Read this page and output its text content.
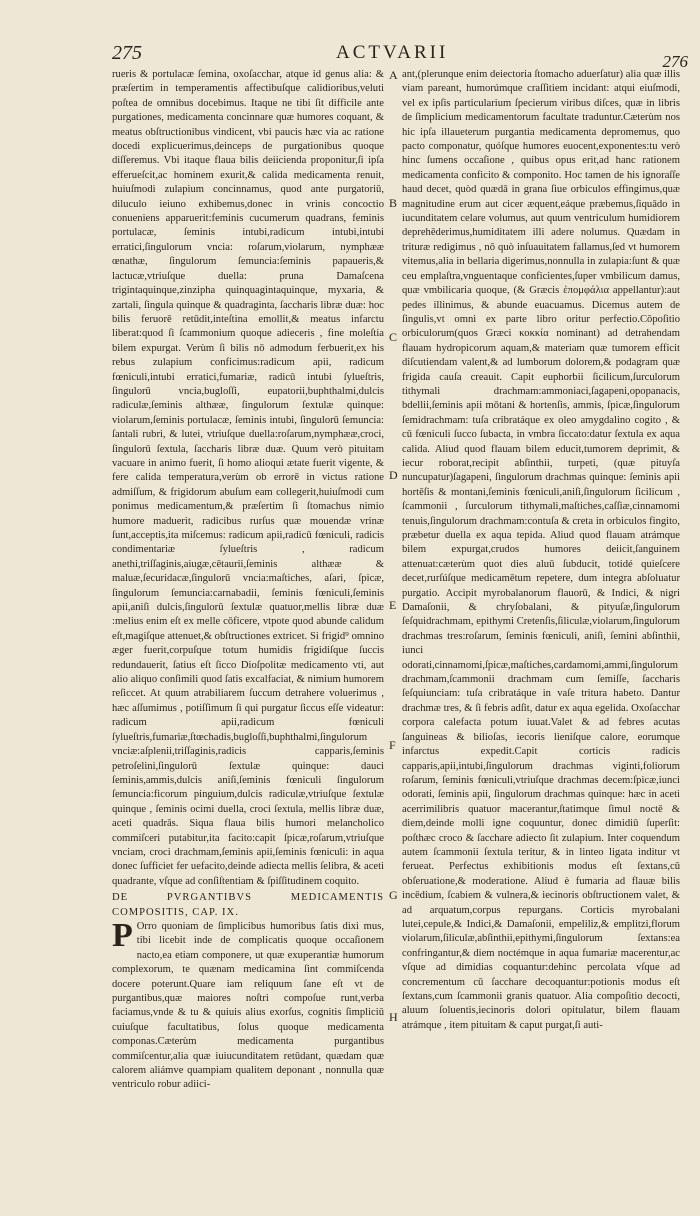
275	ACTVARII	276

rueris & portulacæ ſemina, oxoſacchar, atque id genus alia: & præſertim in temperamentis affectibuſque calidioribus,veluti poſtea de omnibus docebimus. Itaque ne tibi ſit difficile ante purgationes, medicamenta concinnare quæ humores coquant, & meatus obſtructionibus vindicent, vbi paucis hæc via ac ratione docedi explicuerimus,deinceps de purgationibus quoque diſſeremus. Vbi itaque flaua bilis deiicienda proponitur,ſi ipſa efferueſcit,ac hominem exurit,& calida medicamenta renuit, huiuſmodi zulapium concinnamus, quod ante purgatoriū, diluculo ieiuno exhibemus,donec in vrinis concoctio conueniens apparuerit:feminis cucumerum quadrans, feminis portulacæ, ſeminis intubi,radicum intubi,intubi erratici,ſingulorum vncia: roſarum,violarum, nymphææ œnathæ, ſingulorum ſemuncia:ſeminis papaueris,& lactucæ,vtriuſque duella: pruna Damaſcena trigintaquinque,zinzipha quinquagintaquinque, myxaria, & zartali, ſingula quinque & quadraginta, ſaccharis libræ duæ: hoc bilis feruorē retūdit,inteſtina emollit,& meatus infarctu liberat:quod ſi ſcammonium quoque adieceris , fine moleſtia bilem expurgat. Verùm ſi bilis nō admodum ferbuerit,ex his rebus zulapium conficimus:radicum apii, radicum fœniculi,intubi erratici,fumariæ, radicū intubi ſylueſtris, ſingulorū vncia,bugloſſi, eupatorii,buphthalmi,dulcis radiculæ,ſeminis althææ, ſingulorum ſextulæ quinque: violarum,ſeminis portulacæ, ſeminis intubi, ſingulorū ſemuncia: ſantali rubri, & lutei, vtriuſque duella:roſarum,nymphææ,croci, ſingulorū ſextula, ſaccharis libræ duæ. Quum verò pituitam vacuare in animo fuerit, ſi homo alioqui ætate fuerit vigente, & fere calida temperatura,verùm ob errorē in victus ratione admiſſum, & frigidorum abuſum eam collegerit,huiuſmodi cum ponimus medicamentum,& præſertim ſi ſtomachus nimio humore maduerit, radicibus rurſus quæ mouendæ vrinæ ſunt,acceptis,ita miſcemus: radicum apii,radicū fœniculi, radicis condimentariæ ſylueſtris , radicum anethi,triſſaginis,aiugæ,cētaurii,ſeminis althææ & maluæ,ſecuridacæ,ſingulorū vncia:maſtiches, aſari, ſpicæ, ſingulorum ſemuncia:carnabadii, ſeminis fœniculi,ſeminis apii,aniſi dulcis,ſingulorū ſextulæ quatuor,mellis libræ duæ :melius enim eſt ex melle cōficere, vtpote quod abunde calidum eſt,magiſque attenuet,& obſtructiones extricet. Si frigid⁹ omnino æger fuerit,corpuſque totum humidis frigidiſque ſuccis redundauerit, ſatius eſt ſicco Dioſpolitæ medicamento vti, aut alio aliquo conſimili quod ſatis excalfaciat, & nimium humorem reſiccet. At quum atrabiliarem ſuccum detrahere voluerimus , hæc aſſumimus , potiſſimum ſi qui purgatur ſiccus eſſe videatur: radicum apii,radicum fœniculi ſylueſtris,fumariæ,ſtœchadis,bugloſſi,buphthalmi,ſingulorum vnciæ:aſplenii,triſſaginis,radicis capparis,ſeminis petroſelini,ſingulorū ſextulæ quinque: dauci ſeminis,ammis,dulcis aniſi,ſeminis fœniculi ſingulorum ſemuncia:ficorum pinguium,dulcis radiculæ,vtriuſque ſextulæ quinque , ſeminis ocimi duella, croci ſextula, mellis libræ duæ, aceti quadrās. Siqua flaua bilis humori melancholico commiſceri putabitur,ita facito:capit ſpicæ,roſarum,vtriuſque vnciam, croci drachmam,ſeminis apii,ſeminis fœniculi: in aqua donec ſufficiet fer uefacito,deinde adiecta mellis ſelibra, & aceti quadrante, vſque ad conſiſtentiam & ſpiſſitudinem coquito.

DE PVRGANTIBVS MEDICAMENTIS COMPOSITIS, CAP. IX.

P Orro quoniam de ſimplicibus humoribus ſatis dixi mus, tibi licebit inde de complicatis quoque occaſionem nacto,ea etiam componere, ut quæ exuperantiæ humorum complexorum, te quænam medicamina ſint commiſcenda docere poterunt.Quare iam reliquum ſane eſt vt de purgantibus,quæ maiores noſtri compoſue runt,verba faciamus,vnde & tu & quiuis alius exorſus, cognitis ſimpliciū cuiuſque facultatibus, ſolus quoque medicamenta componas.Cæterùm medicamenta purgantibus commiſcentur,alia quæ iuiucunditatem retūdant, quædam quæ calorem aliámve quampiam qualitem deponant , nonnulla quæ ventriculo robur adiici-

ant,(plerunque enim deiectoria ſtomacho aduerſatur) alia quæ illis viam pareant, humorúmque craſſitiem incidant: atqui eiuſmodi, vel ex ipſis particularium ſpecierum viribus diſces, quæ in libris de ſimplicium medicamentorum facultate traduntur.Cæterùm nos hic ipſa illaueterum purgantia medicamenta depromemus, quo pacto componatur, quóſque humores euocent,exponentes:tu verò hinc ſumens occaſione , quibus opus erit,ad hanc rationem medicamenta conficito & componito. Hoc tamen de his ignoraſſe haud decet, quòd quædā in grana ſiue orbiculos effingimus,quæ magnitudine erum aut cicer æquent,eáque præbemus,ſiquādo in iucunditatem celare volumus, aut quum ventriculum humidiorem deprehēderimus,humiditatem illi adere nolumus. Quædam in trituræ redigimus , nō quò inſuauitatem fallamus,ſed vt humorem vitemus,alia in bellaria digerimus,nonnulla in zulapia:ſunt & quæ ceu emplaſtra,vnguentaque conficientes,ſuper vmbilicum damus, quæ vmbilicaria quoque, (& Græcis ἐπομφάλια appellantur):aut pedes illinimus, & abunde euacuamus. Dicemus autem de ſingulis,vt omni ex parte libro oritur perfectio.Cōpoſitio orbiculorum(quos Græci κοκκία nominant) ad detrahendam flauam hydropicorum aquam,& materiam quæ tumorem efficit diſcutiendam valent,& ad lumborum dolorem,& podagram quæ frigida cauſa creauit. Capit euphorbii ſicilicum,ſurculorum tithymali drachmam:ammoniaci,ſagapeni,opopanacis, bdellii,ſeminis apii mōtani & hortenſis, ammis, ſpicæ,ſingulorum ſemidrachmam: tuſa cribratáque ex oleo amygdalino cogito , & cū fœniculi ſucco ſubacta, in vmbra ſiccato:datur ſextula ex aqua calida. Aliud quod flauam bilem educit,tumorem deprimit, & iecur roborat,recipit abſinthii, turpeti, (quæ pituyſa nuncupatur)ſagapeni, ſingulorum drachmas quinque: ſeminis apii hortēſis & montani,ſeminis fœniculi,aniſi,ſingulorum ſicilicum , ſcammonii , ſurculorum tithymali,maſtiches,caſſiæ,cinnamomi tenuis,ſingulorum drachmam:contuſa & creta in orbiculos fingito, præbetur duella ex aqua tepida. Aliud quod flauam atrámque bilem expurgat,crudos humores deiicit,ſanguinem attenuat:cæterùm quot dies aluū ſubducit, totidé quieſcere decet,rurſúſque medicamētum repetere, dum integra abſoluatur purgatio. Accipit myrobalanorum flauorū, & Indici, & nigri Damaſonii, & chryſobalani, & pityuſæ,ſingulorum ſeſquidrachmam, epithymi Cretenſis,ſiliculæ,violarum,ſingulorum drachmas tres:roſarum, ſeminis fœniculi, aniſi, ſemini abſinthii, iunci odorati,cinnamomi,ſpicæ,maſtiches,cardamomi,ammi,ſingulorum drachmam,ſcammonii drachmam cum ſemiſſe, ſaccharis ſeſquiunciam: tuſa cribratáque in vaſe tritura habeto. Dantur drachmæ tres, & ſi febris adſit, datur ex aqua egelida. Oxoſacchar corpora calefacta potum iuuat.Valet & ad febres acutas ſanguineas & bilioſas, iecoris lieniſque calore, eorumque infarctus expedit.Capit corticis radicis capparis,apii,intubi,ſingulorum drachmas viginti,foliorum roſarum, ſeminis fœniculi,vtriuſque drachmas decem:ſpicæ,iunci odorati, ſeminis apii, ſingulorum drachmas quinque: hæc in aceti acerrimilibris quatuor macerantur,ſtatimque ſimul noctē & diem,deinde molli igne coquuntur, donec dimidiū ſuperſit: poſthæc croco & ſacchare adiecto ſit zulapium. Inter coquendum autem ſcammonii ſextula teritur, & in linteo ligata inditur vt ferueat. Perfectus exhibitionis modus eſt ſextans,cū obſeruatione,& moderatione. Aliud è fumaria ad flauæ bilis incēdium, ſcabiem & vulnera,& iecinoris obſtructionem valet, & ad arquatum,corpus repurgans. Corticis myrobalani lutei,cepule,& Indici,& Damaſonii, empeliliz,& emplitzi,florum violarum,ſiliculæ,abſinthii,epithymi,ſingulorum ſextans:ea confringantur,& diem noctémque in aqua fumariæ macerentur,ac vſque ad dimidias coquantur:dehinc percolata vſque ad concrementum cū ſacchare decoquantur:potionis modus eſt ſextans,cum ſcammonii granis quatuor. Alia compoſitio decocti, aluum ſoluentis,iecinoris dolori opitulatur, bilem flauam atrámque , item pituitam & caput purgat,ſi auti-

A
B
C
D
E
F
G
H
